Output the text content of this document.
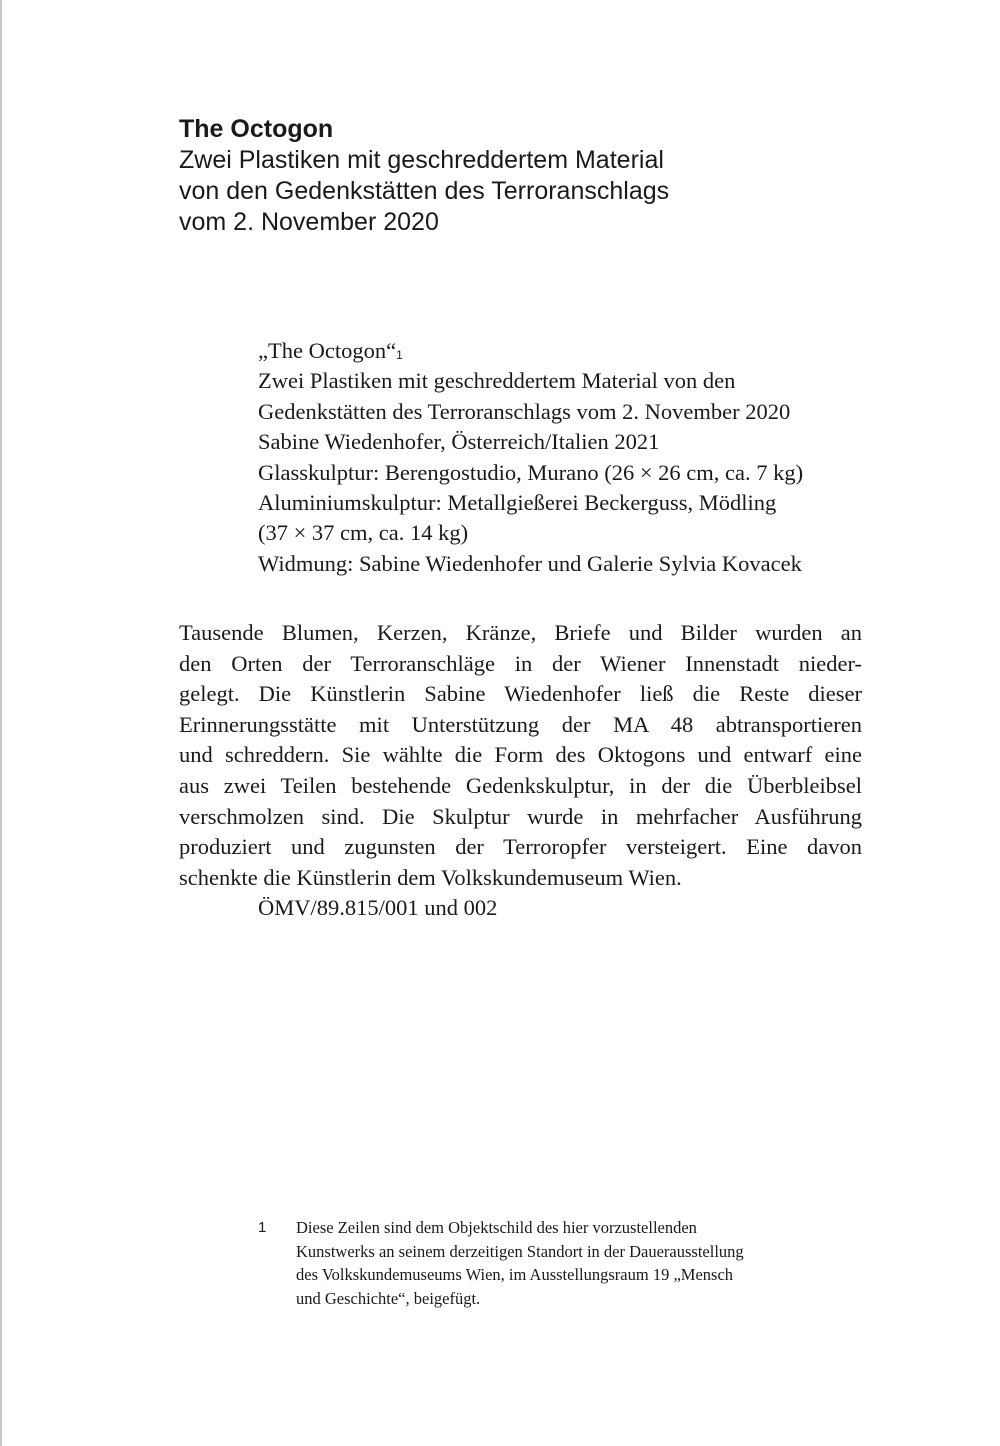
The Octogon
Zwei Plastiken mit geschreddertem Material
von den Gedenkstätten des Terroranschlags
vom 2. November 2020
„The Octogon“$^1$
Zwei Plastiken mit geschreddertem Material von den
Gedenkstätten des Terroranschlags vom 2. November 2020
Sabine Wiedenhofer, Österreich/Italien 2021
Glasskulptur: Berengostudio, Murano (26 × 26 cm, ca. 7 kg)
Aluminiumskulptur: Metallgießerei Beckerguss, Mödling
(37 × 37 cm, ca. 14 kg)
Widmung: Sabine Wiedenhofer und Galerie Sylvia Kovacek
Tausende Blumen, Kerzen, Kränze, Briefe und Bilder wurden an
den Orten der Terroranschläge in der Wiener Innenstadt nieder-
gelegt. Die Künstlerin Sabine Wiedenhofer ließ die Reste dieser
Erinnerungsstätte mit Unterstützung der MA 48 abtransportieren
und schreddern. Sie wählte die Form des Oktogons und entwarf eine
aus zwei Teilen bestehende Gedenkskulptur, in der die Überbleibsel
verschmolzen sind. Die Skulptur wurde in mehrfacher Ausführung
produziert und zugunsten der Terroropfer versteigert. Eine davon
schenkte die Künstlerin dem Volkskundemuseum Wien.
ÖMV/89.815/001 und 002
1 Diese Zeilen sind dem Objektschild des hier vorzustellenden
Kunstwerks an seinem derzeitigen Standort in der Dauerausstellung
des Volkskundemuseums Wien, im Ausstellungsraum 19 „Mensch
und Geschichte“, beigefügt.
